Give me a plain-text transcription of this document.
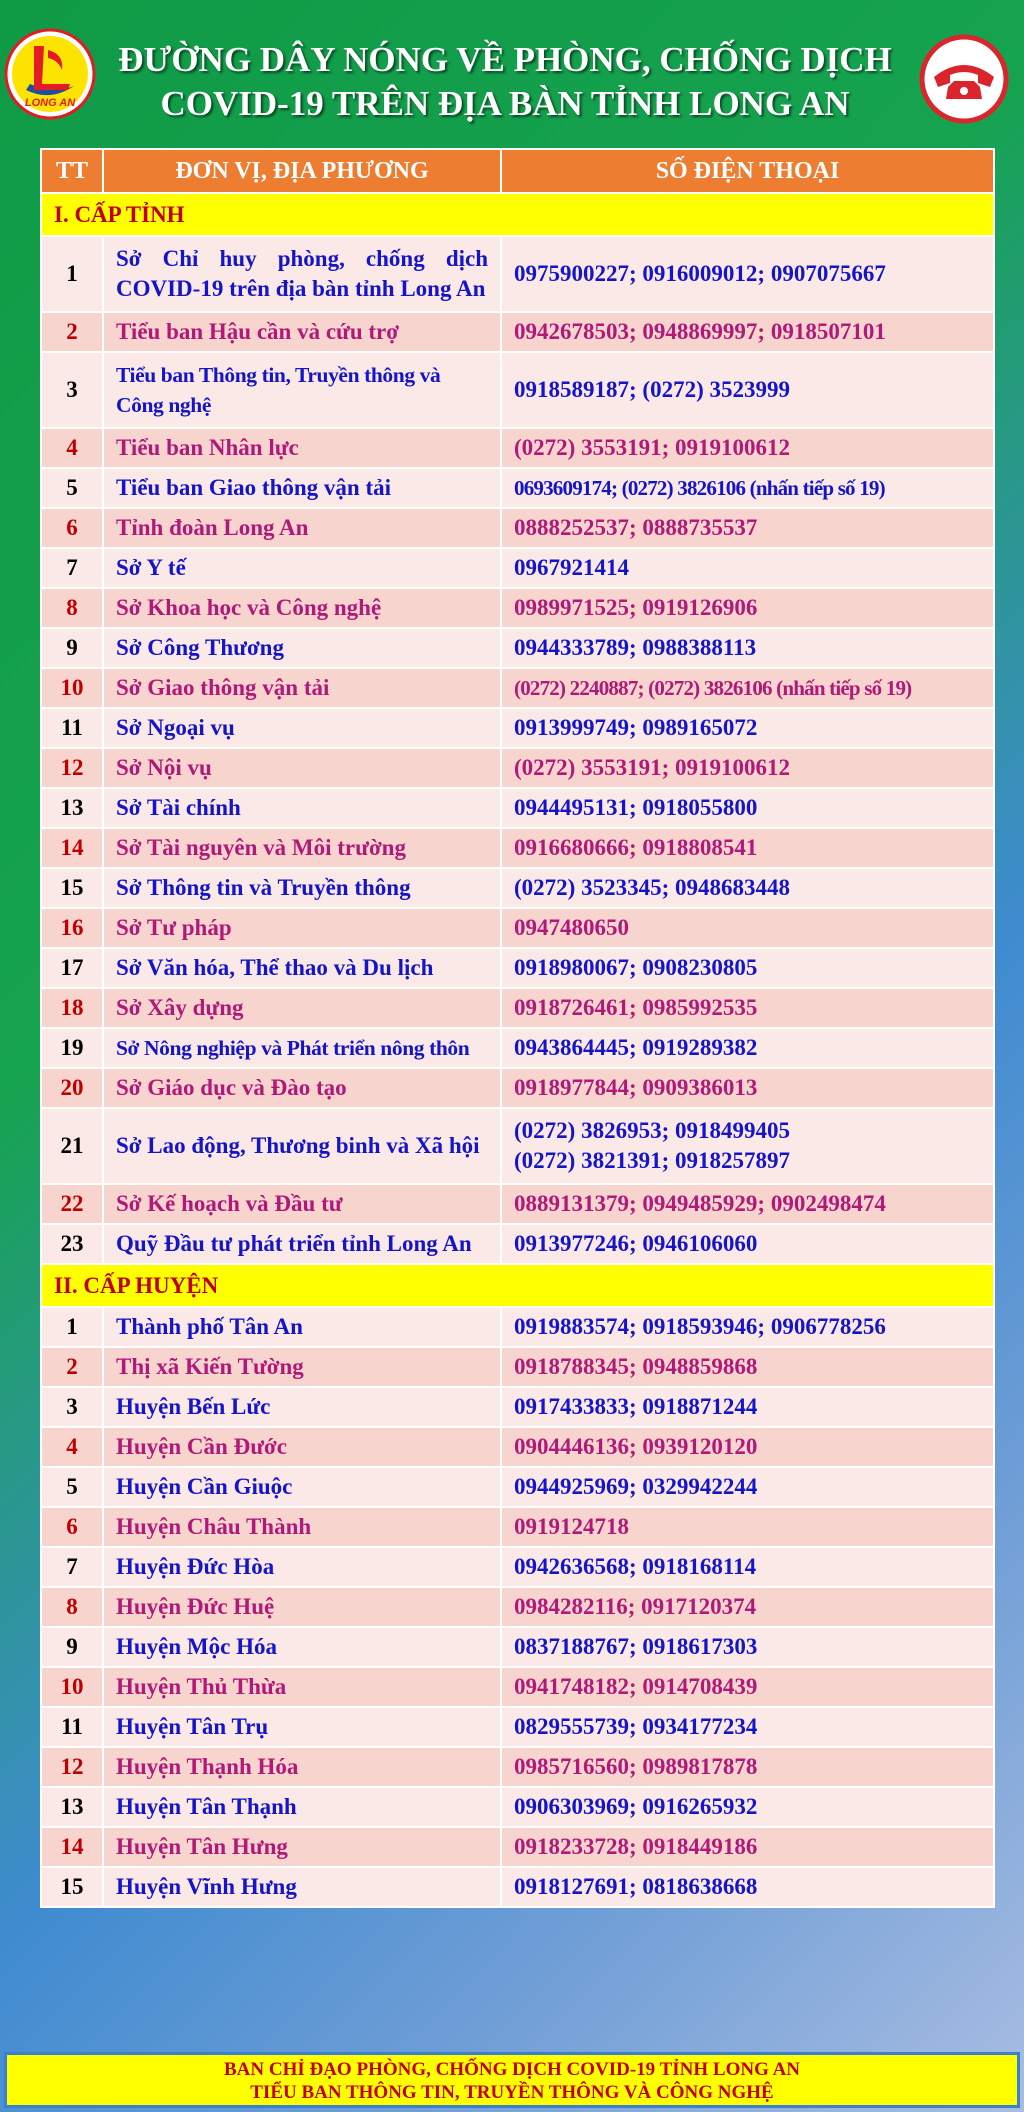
LONG AN
ĐƯỜNG DÂY NÓNG VỀ PHÒNG, CHỐNG DỊCH
COVID-19 TRÊN ĐỊA BÀN TỈNH LONG AN
TT	ĐƠN VỊ, ĐỊA PHƯƠNG	SỐ ĐIỆN THOẠI
I. CẤP TỈNH		
1	Sở Chỉ huy phòng, chống dịch COVID-19 trên địa bàn tỉnh Long An	0975900227; 0916009012; 0907075667
2	Tiểu ban Hậu cần và cứu trợ	0942678503; 0948869997; 0918507101
3	Tiểu ban Thông tin, Truyền thông và Công nghệ	0918589187; (0272) 3523999
4	Tiểu ban Nhân lực	(0272) 3553191; 0919100612
5	Tiểu ban Giao thông vận tải	0693609174; (0272) 3826106 (nhấn tiếp số 19)
6	Tỉnh đoàn Long An	0888252537; 0888735537
7	Sở Y tế	0967921414
8	Sở Khoa học và Công nghệ	0989971525; 0919126906
9	Sở Công Thương	0944333789; 0988388113
10	Sở Giao thông vận tải	(0272) 2240887; (0272) 3826106 (nhấn tiếp số 19)
11	Sở Ngoại vụ	0913999749; 0989165072
12	Sở Nội vụ	(0272) 3553191; 0919100612
13	Sở Tài chính	0944495131; 0918055800
14	Sở Tài nguyên và Môi trường	0916680666; 0918808541
15	Sở Thông tin và Truyền thông	(0272) 3523345; 0948683448
16	Sở Tư pháp	0947480650
17	Sở Văn hóa, Thể thao và Du lịch	0918980067; 0908230805
18	Sở Xây dựng	0918726461; 0985992535
19	Sở Nông nghiệp và Phát triển nông thôn	0943864445; 0919289382
20	Sở Giáo dục và Đào tạo	0918977844; 0909386013
21	Sở Lao động, Thương binh và Xã hội	(0272) 3826953; 0918499405
(0272) 3821391; 0918257897

22	Sở Kế hoạch và Đầu tư	0889131379; 0949485929; 0902498474
23	Quỹ Đầu tư phát triển tỉnh Long An	0913977246; 0946106060
II. CẤP HUYỆN		
1	Thành phố Tân An	0919883574; 0918593946; 0906778256
2	Thị xã Kiến Tường	0918788345; 0948859868
3	Huyện Bến Lức	0917433833; 0918871244
4	Huyện Cần Đước	0904446136; 0939120120
5	Huyện Cần Giuộc	0944925969; 0329942244
6	Huyện Châu Thành	0919124718
7	Huyện Đức Hòa	0942636568; 0918168114
8	Huyện Đức Huệ	0984282116; 0917120374
9	Huyện Mộc Hóa	0837188767; 0918617303
10	Huyện Thủ Thừa	0941748182; 0914708439
11	Huyện Tân Trụ	0829555739; 0934177234
12	Huyện Thạnh Hóa	0985716560; 0989817878
13	Huyện Tân Thạnh	0906303969; 0916265932
14	Huyện Tân Hưng	0918233728; 0918449186
15	Huyện Vĩnh Hưng	0918127691; 0818638668
BAN CHỈ ĐẠO PHÒNG, CHỐNG DỊCH COVID-19 TỈNH LONG AN
TIỂU BAN THÔNG TIN, TRUYỀN THÔNG VÀ CÔNG NGHỆ
